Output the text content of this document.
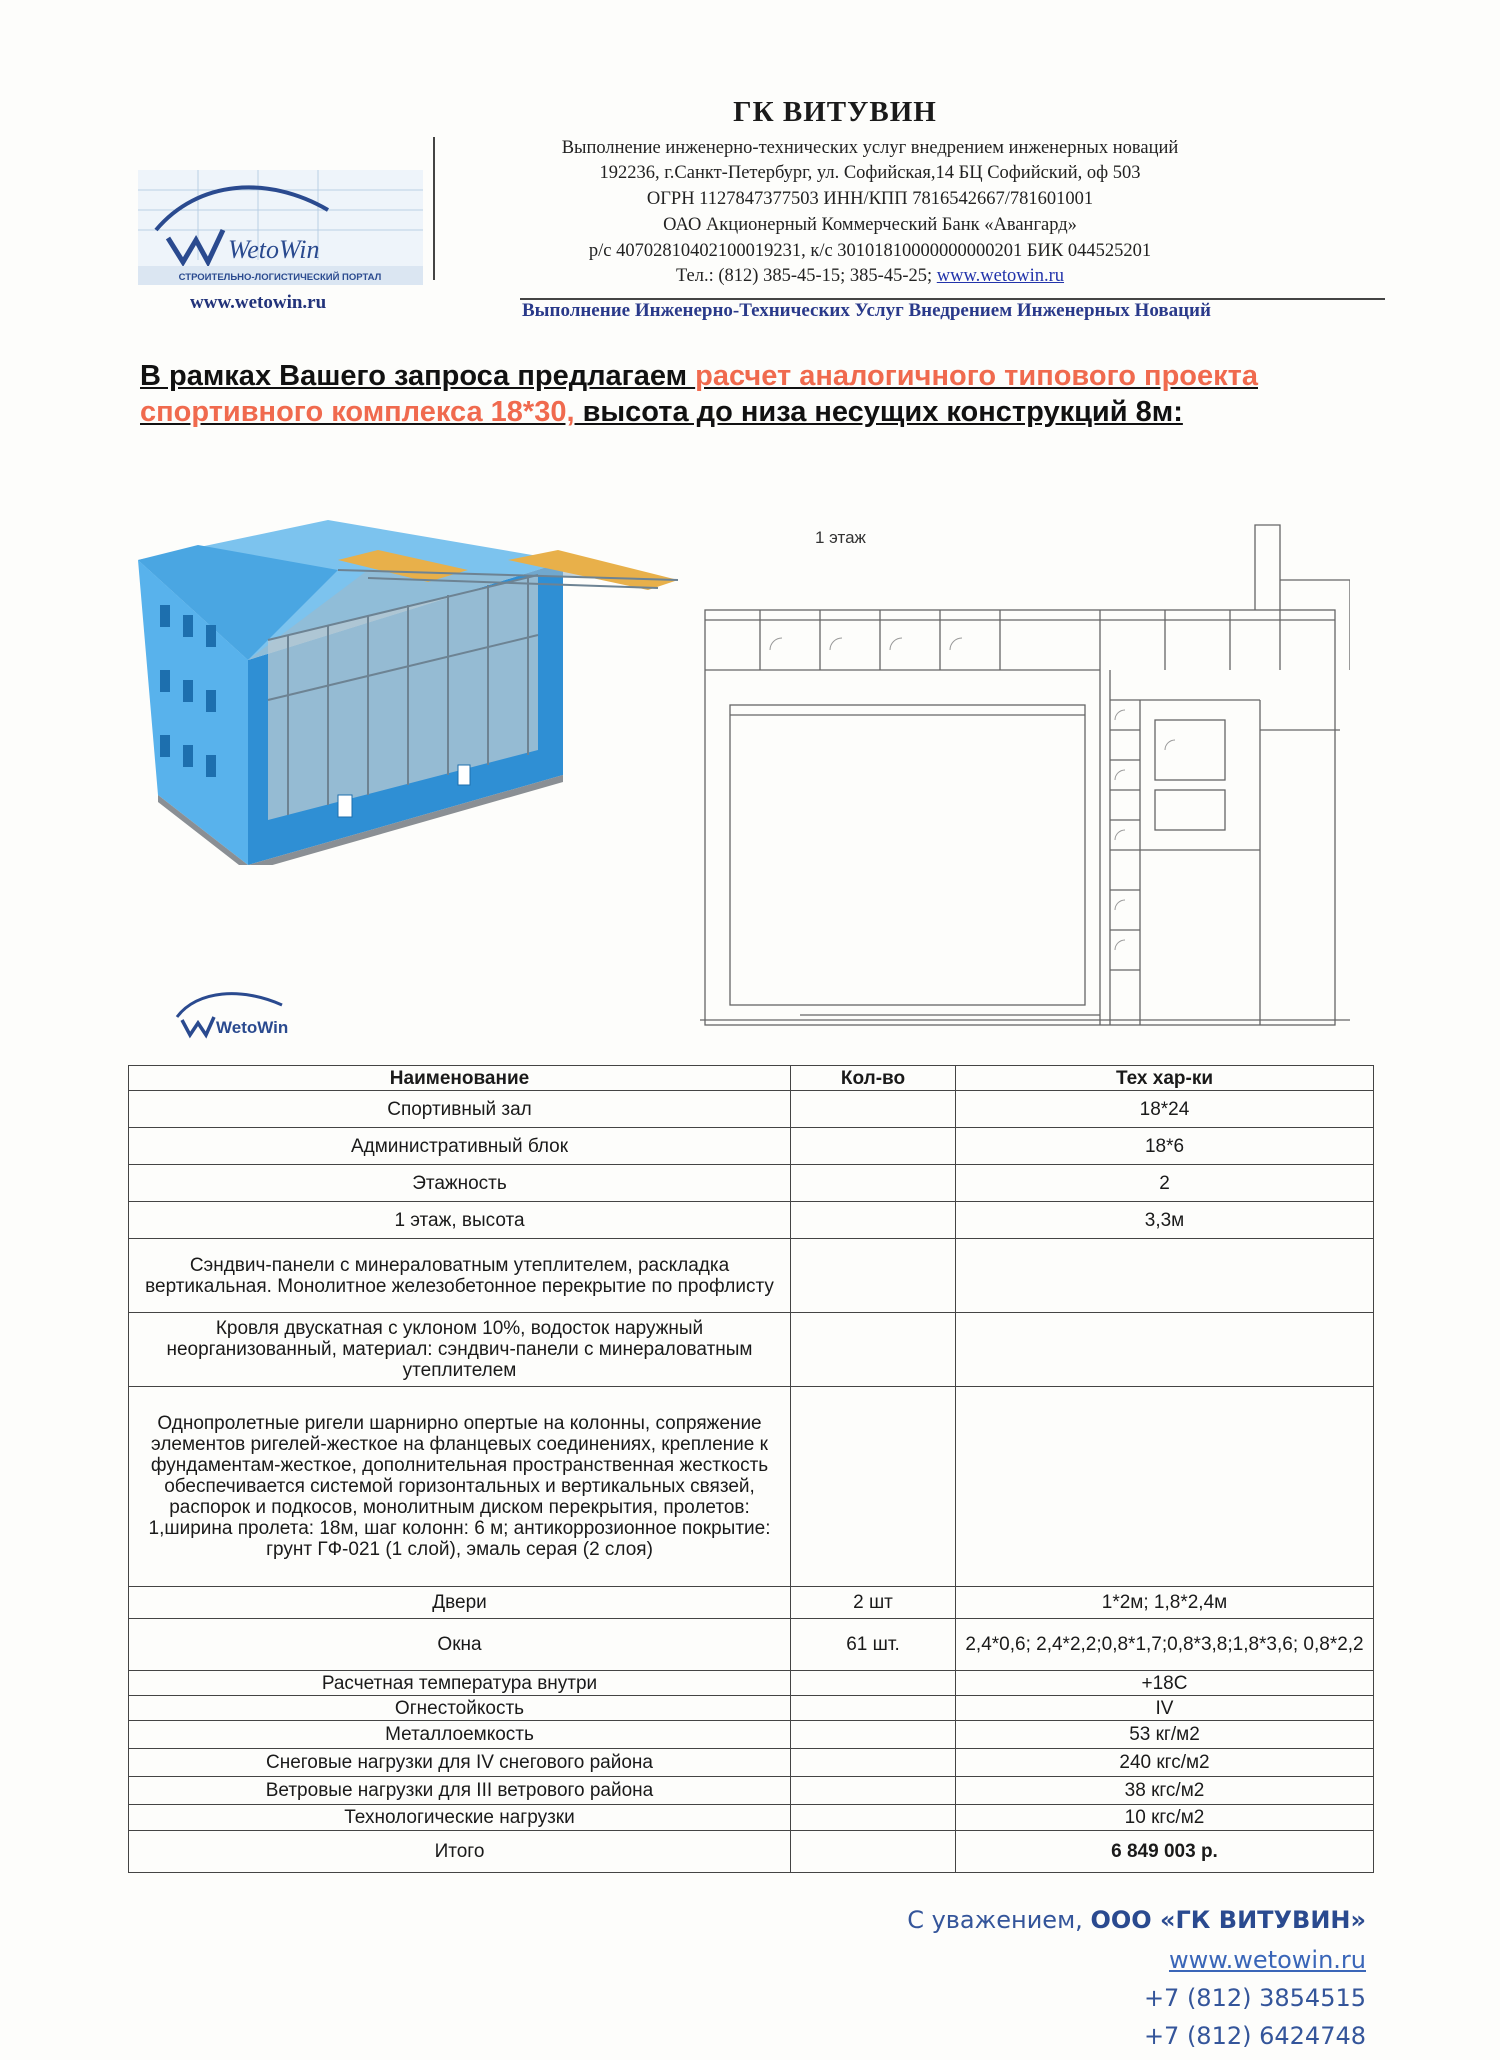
WetoWin
СТРОИТЕЛЬНО-ЛОГИСТИЧЕСКИЙ ПОРТАЛ
www.wetowin.ru
ГК ВИТУВИН
Выполнение инженерно-технических услуг внедрением инженерных новаций
192236, г.Санкт-Петербург, ул. Софийская,14 БЦ Софийский, оф 503
ОГРН 1127847377503 ИНН/КПП 7816542667/781601001
ОАО Акционерный Коммерческий Банк «Авангард»
р/с 40702810402100019231, к/с 30101810000000000201 БИК 044525201
Тел.: (812) 385-45-15; 385-45-25; www.wetowin.ru
Выполнение Инженерно-Технических Услуг Внедрением Инженерных Новаций
В рамках Вашего запроса предлагаем расчет аналогичного типового проекта спортивного комплекса 18*30, высота до низа несущих конструкций 8м:
1 этаж
WetoWin
Наименование	Кол-во	Тех хар-ки
Спортивный зал		18*24
Административный блок		18*6
Этажность		2
1 этаж, высота		3,3м
Сэндвич-панели с минераловатным утеплителем, раскладка вертикальная. Монолитное железобетонное перекрытие по профлисту		
Кровля двускатная с уклоном 10%, водосток наружный неорганизованный, материал: сэндвич-панели с минераловатным утеплителем		
Однопролетные ригели шарнирно опертые на колонны, сопряжение элементов ригелей-жесткое на фланцевых соединениях, крепление к фундаментам-жесткое, дополнительная пространственная жесткость обеспечивается системой горизонтальных и вертикальных связей, распорок и подкосов, монолитным диском перекрытия, пролетов: 1,ширина пролета: 18м, шаг колонн: 6 м; антикоррозионное покрытие: грунт ГФ-021 (1 слой), эмаль серая (2 слоя)		
Двери	2 шт	1*2м; 1,8*2,4м
Окна	61 шт.	2,4*0,6; 2,4*2,2;0,8*1,7;0,8*3,8;1,8*3,6; 0,8*2,2
Расчетная температура внутри		+18С
Огнестойкость		IV
Металлоемкость		53 кг/м2
Снеговые нагрузки для IV снегового района		240 кгс/м2
Ветровые нагрузки для III ветрового района		38 кгс/м2
Технологические нагрузки		10 кгс/м2
Итого		6 849 003 р.
С уважением, ООО «ГК ВИТУВИН»
www.wetowin.ru
+7 (812) 3854515
+7 (812) 6424748
